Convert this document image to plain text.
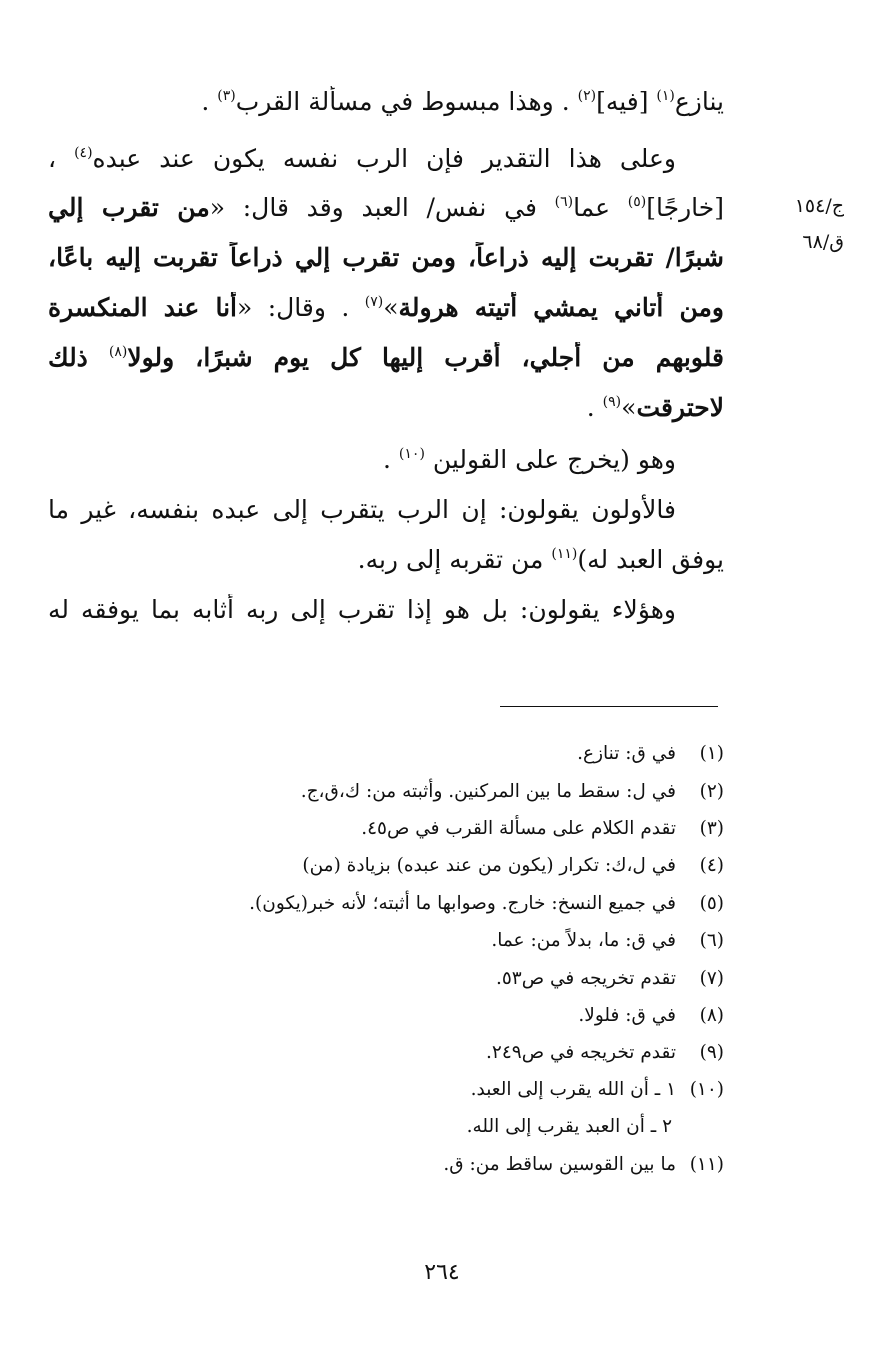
ج/١٥٤
ق/٦٨
ينازع$^{(١)}$ [فيه]$^{(٢)}$ . وهذا مبسوط في مسألة القرب$^{(٣)}$ .
وعلى هذا التقدير فإن الرب نفسه يكون عند عبده$^{(٤)}$ ،
[خارجًا]$^{(٥)}$ عما$^{(٦)}$ في نفس/ العبد وقد قال: «من تقرب إلي
شبرًا/ تقربت إليه ذراعاً، ومن تقرب إلي ذراعاً تقربت إليه باعًا،
ومن أتاني يمشي أتيته هرولة»$^{(٧)}$ . وقال: «أنا عند المنكسرة
قلوبهم من أجلي، أقرب إليها كل يوم شبرًا، ولولا$^{(٨)}$ ذلك
لاحترقت»$^{(٩)}$ .
وهو (يخرج على القولين $^{(١٠)}$ .
فالأولون يقولون: إن الرب يتقرب إلى عبده بنفسه، غير ما
يوفق العبد له)$^{(١١)}$ من تقربه إلى ربه.
وهؤلاء يقولون: بل هو إذا تقرب إلى ربه أثابه بما يوفقه له
(١)في ق: تنازع.
(٢)في ل: سقط ما بين المركنين. وأثبته من: ك،ق،ج.
(٣)تقدم الكلام على مسألة القرب في ص٤٥.
(٤)في ل،ك: تكرار (يكون من عند عبده) بزيادة (من)
(٥)في جميع النسخ: خارج. وصوابها ما أثبته؛ لأنه خبر(يكون).
(٦)في ق: ما، بدلاً من: عما.
(٧)تقدم تخريجه في ص٥٣.
(٨)في ق: فلولا.
(٩)تقدم تخريجه في ص٢٤٩.
(١٠)١ ـ أن الله يقرب إلى العبد.
٢ ـ أن العبد يقرب إلى الله.
(١١)ما بين القوسين ساقط من: ق.
٢٦٤
